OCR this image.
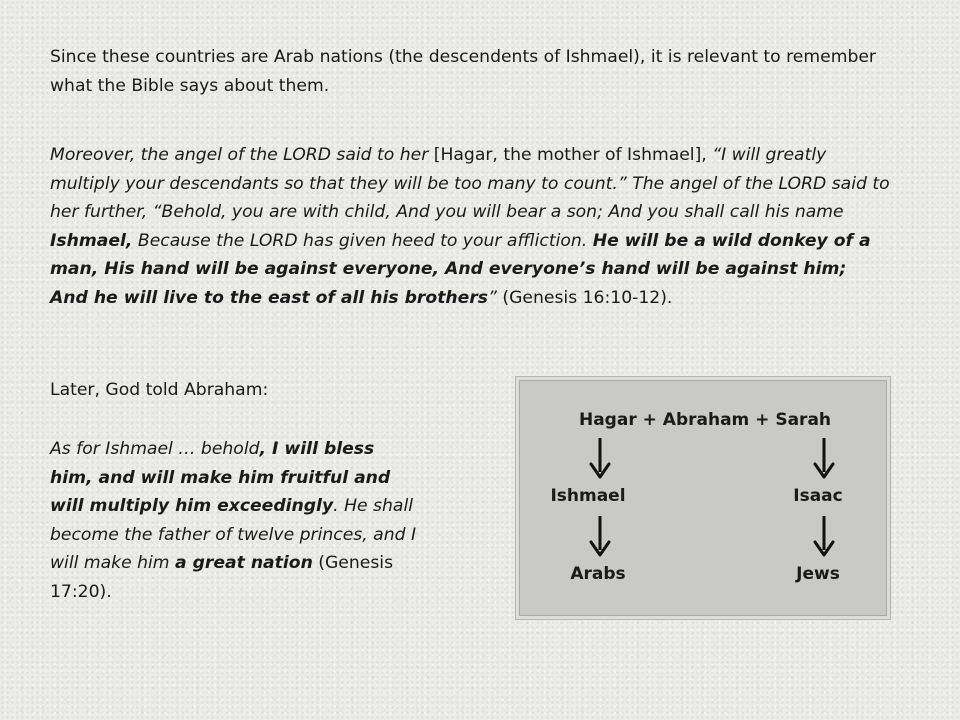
Since these countries are Arab nations (the descendents of Ishmael), it is relevant to remember what the Bible says about them.

Moreover, the angel of the LORD said to her [Hagar, the mother of Ishmael], “I will greatly multiply your descendants so that they will be too many to count.” The angel of the LORD said to her further, “Behold, you are with child, And you will bear a son; And you shall call his name Ishmael, Because the LORD has given heed to your affliction. He will be a wild donkey of a man, His hand will be against everyone, And everyone’s hand will be against him; And he will live to the east of all his brothers” (Genesis 16:10-12).

Later, God told Abraham:

As for Ishmael … behold, I will bless him, and will make him fruitful and will multiply him exceedingly. He shall become the father of twelve princes, and I will make him a great nation (Genesis 17:20).

Hagar + Abraham + Sarah
Ishmael	Isaac
Arabs	Jews
